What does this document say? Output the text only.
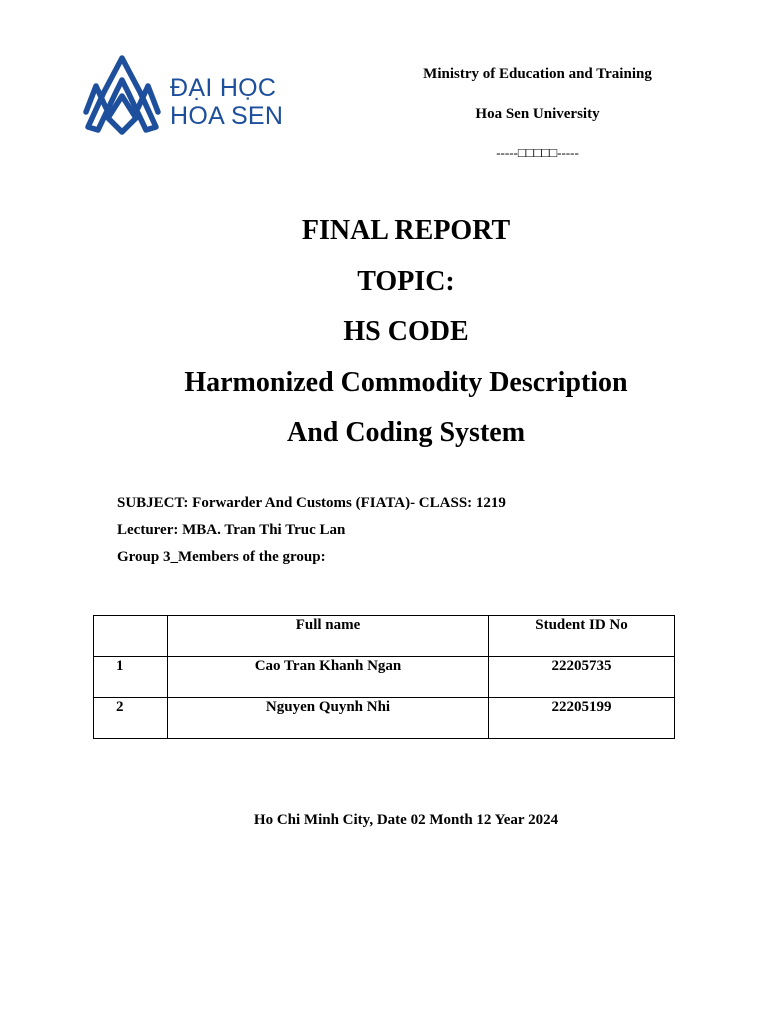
ĐẠI HỌC
HOA SEN
Ministry of Education and Training
Hoa Sen University
-----□□□□□-----
FINAL REPORT
TOPIC:
HS CODE
Harmonized Commodity Description
And Coding System
SUBJECT: Forwarder And Customs (FIATA)- CLASS: 1219
Lecturer: MBA. Tran Thi Truc Lan
Group 3_Members of the group:
	Full name	Student ID No
1	Cao Tran Khanh Ngan	22205735
2	Nguyen Quynh Nhi	22205199
Ho Chi Minh City, Date 02 Month 12 Year 2024
